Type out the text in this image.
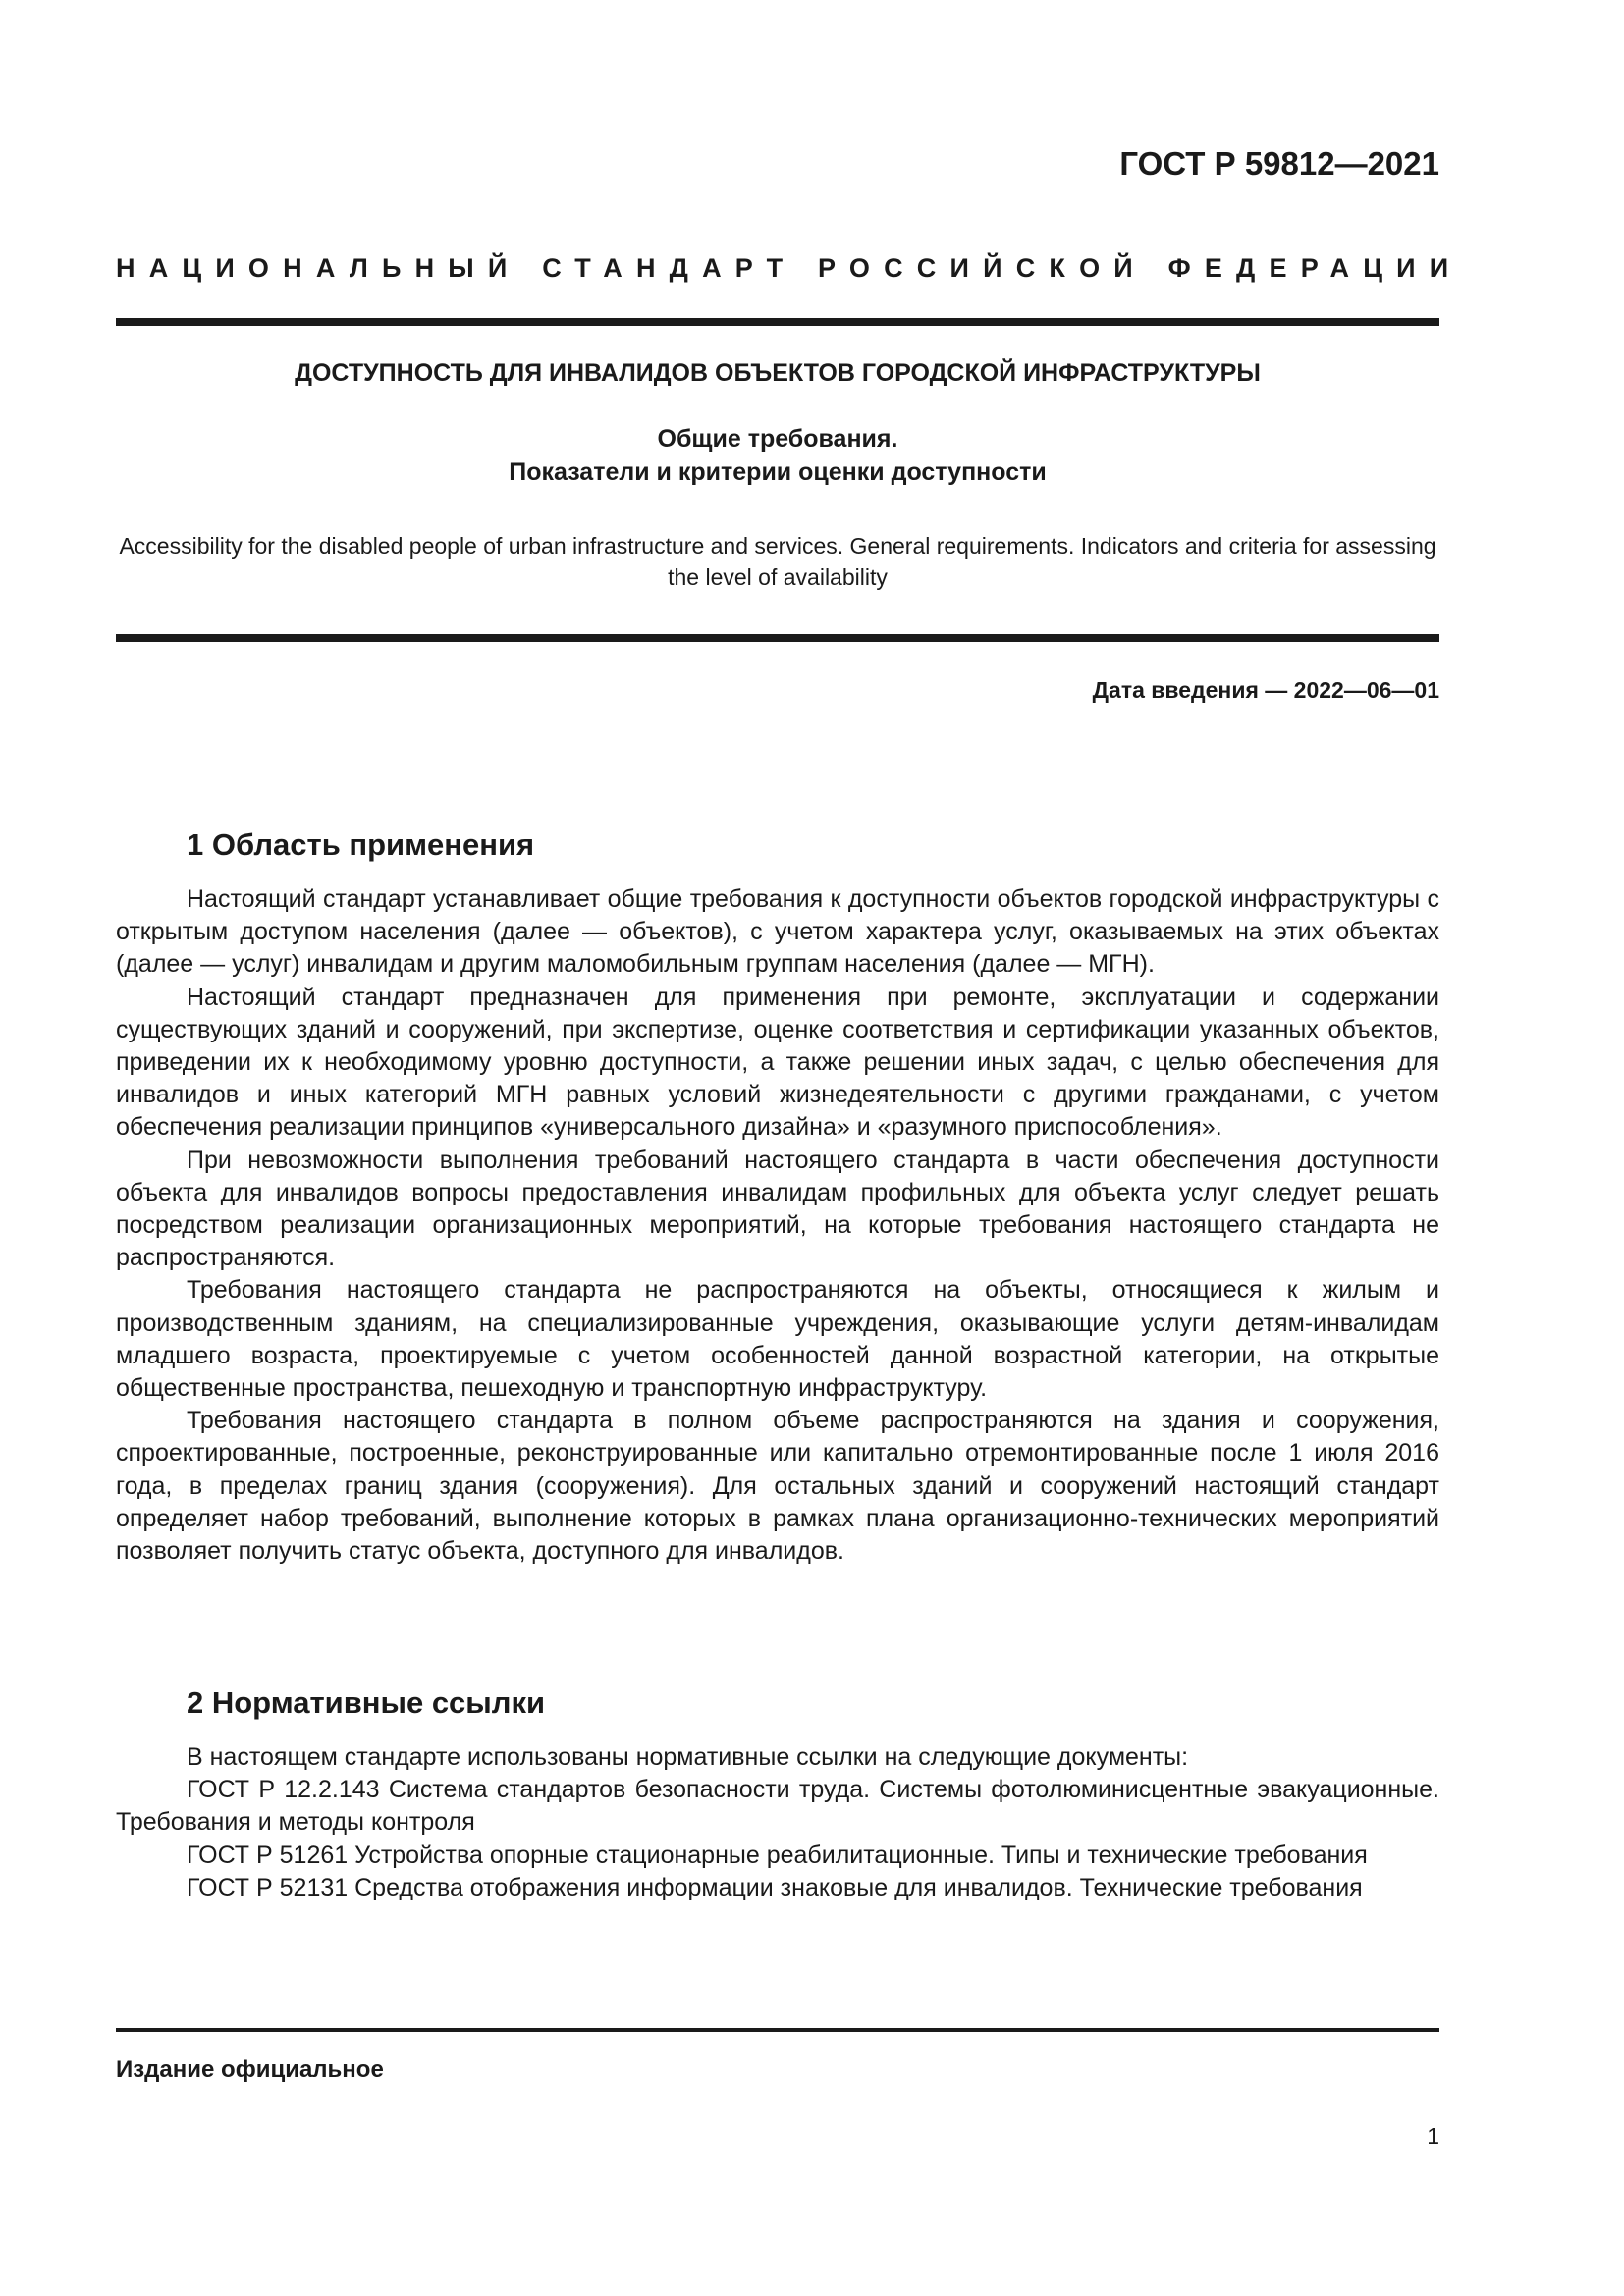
ГОСТ Р 59812—2021
НАЦИОНАЛЬНЫЙ СТАНДАРТ РОССИЙСКОЙ ФЕДЕРАЦИИ
ДОСТУПНОСТЬ ДЛЯ ИНВАЛИДОВ ОБЪЕКТОВ ГОРОДСКОЙ ИНФРАСТРУКТУРЫ
Общие требования.
Показатели и критерии оценки доступности
Accessibility for the disabled people of urban infrastructure and services. General requirements. Indicators and criteria for assessing the level of availability
Дата введения — 2022—06—01
1 Область применения

Настоящий стандарт устанавливает общие требования к доступности объектов городской инфраструктуры с открытым доступом населения (далее — объектов), с учетом характера услуг, оказываемых на этих объектах (далее — услуг) инвалидам и другим маломобильным группам населения (далее — МГН).

Настоящий стандарт предназначен для применения при ремонте, эксплуатации и содержании существующих зданий и сооружений, при экспертизе, оценке соответствия и сертификации указанных объектов, приведении их к необходимому уровню доступности, а также решении иных задач, с целью обеспечения для инвалидов и иных категорий МГН равных условий жизнедеятельности с другими гражданами, с учетом обеспечения реализации принципов «универсального дизайна» и «разумного приспособления».

При невозможности выполнения требований настоящего стандарта в части обеспечения доступности объекта для инвалидов вопросы предоставления инвалидам профильных для объекта услуг следует решать посредством реализации организационных мероприятий, на которые требования настоящего стандарта не распространяются.

Требования настоящего стандарта не распространяются на объекты, относящиеся к жилым и производственным зданиям, на специализированные учреждения, оказывающие услуги детям-инвалидам младшего возраста, проектируемые с учетом особенностей данной возрастной категории, на открытые общественные пространства, пешеходную и транспортную инфраструктуру.

Требования настоящего стандарта в полном объеме распространяются на здания и сооружения, спроектированные, построенные, реконструированные или капитально отремонтированные после 1 июля 2016 года, в пределах границ здания (сооружения). Для остальных зданий и сооружений настоящий стандарт определяет набор требований, выполнение которых в рамках плана организационно-технических мероприятий позволяет получить статус объекта, доступного для инвалидов.

2 Нормативные ссылки

В настоящем стандарте использованы нормативные ссылки на следующие документы:

ГОСТ Р 12.2.143 Система стандартов безопасности труда. Системы фотолюминисцентные эвакуационные. Требования и методы контроля

ГОСТ Р 51261 Устройства опорные стационарные реабилитационные. Типы и технические требования

ГОСТ Р 52131 Средства отображения информации знаковые для инвалидов. Технические требования

Издание официальное
1
